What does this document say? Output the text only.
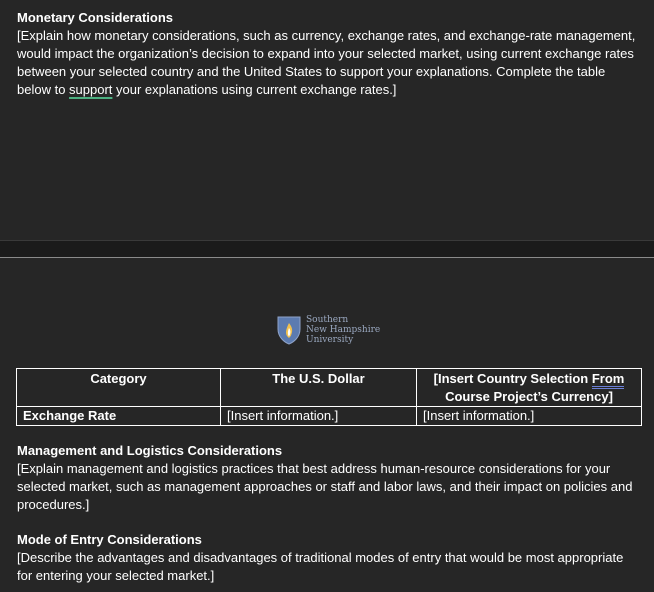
Monetary Considerations
[Explain how monetary considerations, such as currency, exchange rates, and exchange-rate management, would impact the organization’s decision to expand into your selected market, using current exchange rates between your selected country and the United States to support your explanations. Complete the table below to support your explanations using current exchange rates.]
Southern
New Hampshire
University
Category	The U.S. Dollar	[Insert Country Selection From Course Project’s Currency]
Exchange Rate	[Insert information.]	[Insert information.]
Management and Logistics Considerations
[Explain management and logistics practices that best address human-resource considerations for your selected market, such as management approaches or staff and labor laws, and their impact on policies and procedures.]
Mode of Entry Considerations
[Describe the advantages and disadvantages of traditional modes of entry that would be most appropriate for entering your selected market.]
